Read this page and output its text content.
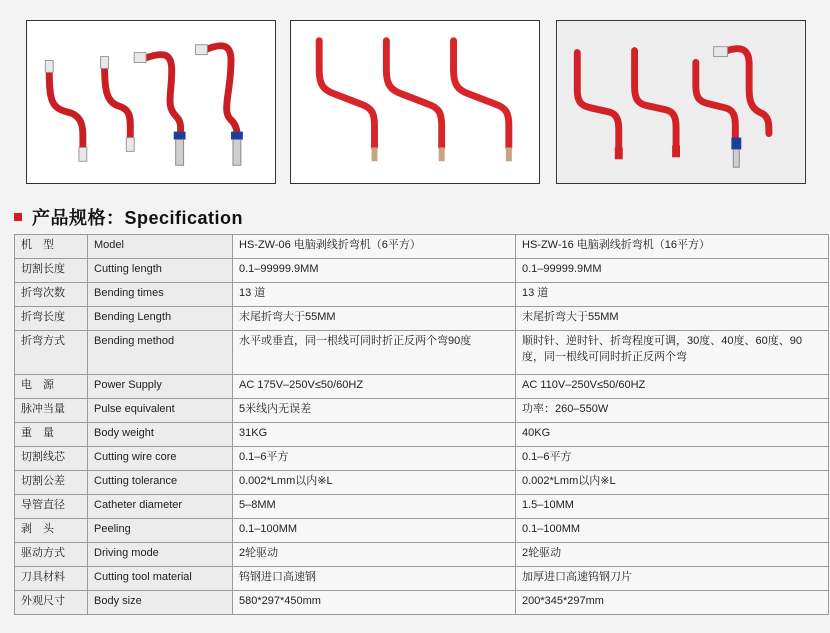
产品规格：Specification
机　型	Model	HS-ZW-06 电脑剥线折弯机（6平方）	HS-ZW-16 电脑剥线折弯机（16平方）
切割长度	Cutting length	0.1–99999.9MM	0.1–99999.9MM
折弯次数	Bending times	13 道	13 道
折弯长度	Bending Length	末尾折弯大于55MM	末尾折弯大于55MM
折弯方式	Bending method	水平或垂直，同一根线可同时折正反两个弯90度	顺时针、逆时针、折弯程度可调，30度、40度、60度、90度，同一根线可同时折正反两个弯
电　源	Power Supply	AC 175V–250V≤50/60HZ	AC 110V–250V≤50/60HZ
脉冲当量	Pulse equivalent	5米线内无误差	功率：260–550W
重　量	Body weight	31KG	40KG
切割线芯	Cutting wire core	0.1–6平方	0.1–6平方
切割公差	Cutting tolerance	0.002*Lmm以内※L	0.002*Lmm以内※L
导管直径	Catheter diameter	5–8MM	1.5–10MM
剥　头	Peeling	0.1–100MM	0.1–100MM
驱动方式	Driving mode	2轮驱动	2轮驱动
刀具材料	Cutting tool material	钨钢进口高速钢	加厚进口高速钨钢刀片
外观尺寸	Body size	580*297*450mm	200*345*297mm
